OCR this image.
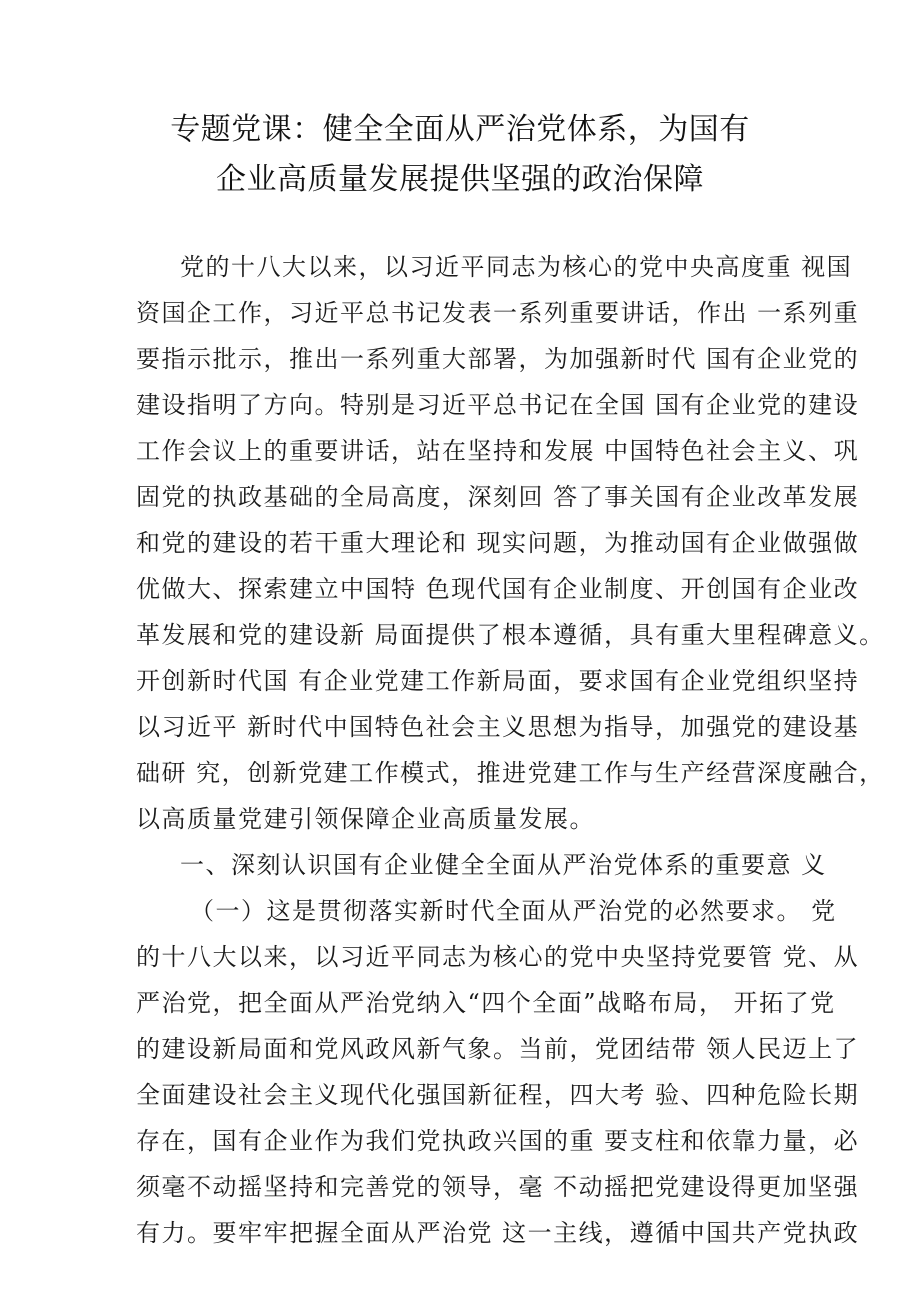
专题党课：健全全面从严治党体系，为国有
企业高质量发展提供坚强的政治保障
党的十八大以来，以习近平同志为核心的党中央高度重 视国
资国企工作，习近平总书记发表一系列重要讲话，作出 一系列重
要指示批示，推出一系列重大部署，为加强新时代 国有企业党的
建设指明了方向。特别是习近平总书记在全国 国有企业党的建设
工作会议上的重要讲话，站在坚持和发展 中国特色社会主义、巩
固党的执政基础的全局高度，深刻回 答了事关国有企业改革发展
和党的建设的若干重大理论和 现实问题，为推动国有企业做强做
优做大、探索建立中国特 色现代国有企业制度、开创国有企业改
革发展和党的建设新 局面提供了根本遵循，具有重大里程碑意义。
开创新时代国 有企业党建工作新局面，要求国有企业党组织坚持
以习近平 新时代中国特色社会主义思想为指导，加强党的建设基
础研 究，创新党建工作模式，推进党建工作与生产经营深度融合，
以高质量党建引领保障企业高质量发展。
一、深刻认识国有企业健全全面从严治党体系的重要意 义
（一）这是贯彻落实新时代全面从严治党的必然要求。 党
的十八大以来，以习近平同志为核心的党中央坚持党要管 党、从
严治党，把全面从严治党纳入“四个全面”战略布局， 开拓了党
的建设新局面和党风政风新气象。当前，党团结带 领人民迈上了
全面建设社会主义现代化强国新征程，四大考 验、四种危险长期
存在，国有企业作为我们党执政兴国的重 要支柱和依靠力量，必
须毫不动摇坚持和完善党的领导，毫 不动摇把党建设得更加坚强
有力。要牢牢把握全面从严治党 这一主线，遵循中国共产党执政
